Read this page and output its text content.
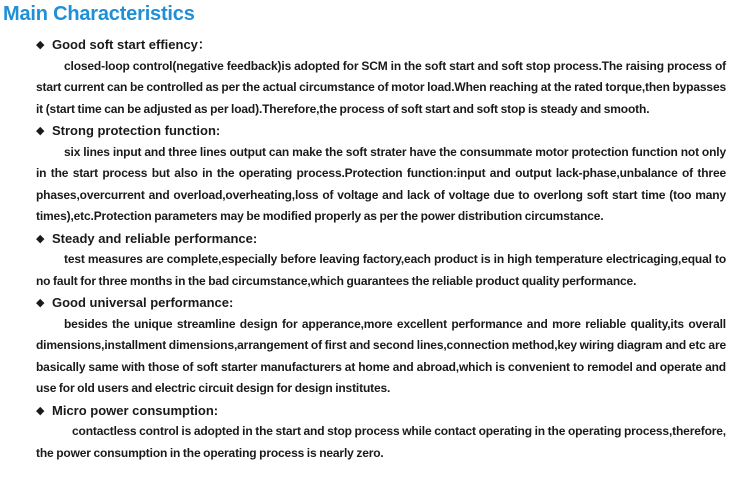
Main Characteristics
◆ Good soft start effiency：
closed-loop control(negative feedback)is adopted for SCM in the soft start and soft stop process.The raising process of start current can be controlled as per the actual circumstance of motor load.When reaching at the rated torque,then bypasses it (start time can be adjusted as per load).Therefore,the process of soft start and soft stop is steady and smooth.
◆ Strong protection function:
six lines input and three lines output can make the soft strater have the consummate motor protection function not only in the start process but also in the operating process.Protection function:input and output lack-phase,unbalance of three phases,overcurrent and overload,overheating,loss of voltage and lack of voltage due to overlong soft start time (too many times),etc.Protection parameters may be modified properly as per the power distribution circumstance.
◆ Steady and reliable performance:
test measures are complete,especially before leaving factory,each product is in high temperature electricaging,equal to no fault for three months in the bad circumstance,which guarantees the reliable product quality performance.
◆ Good universal performance:
besides the unique streamline design for apperance,more excellent performance and more reliable quality,its overall dimensions,installment dimensions,arrangement of first and second lines,connection method,key wiring diagram and etc are basically same with those of soft starter manufacturers at home and abroad,which is convenient to remodel and operate and use for old users and electric circuit design for design institutes.
◆ Micro power consumption:
contactless control is adopted in the start and stop process while contact operating in the operating process,therefore, the power consumption in the operating process is nearly zero.
